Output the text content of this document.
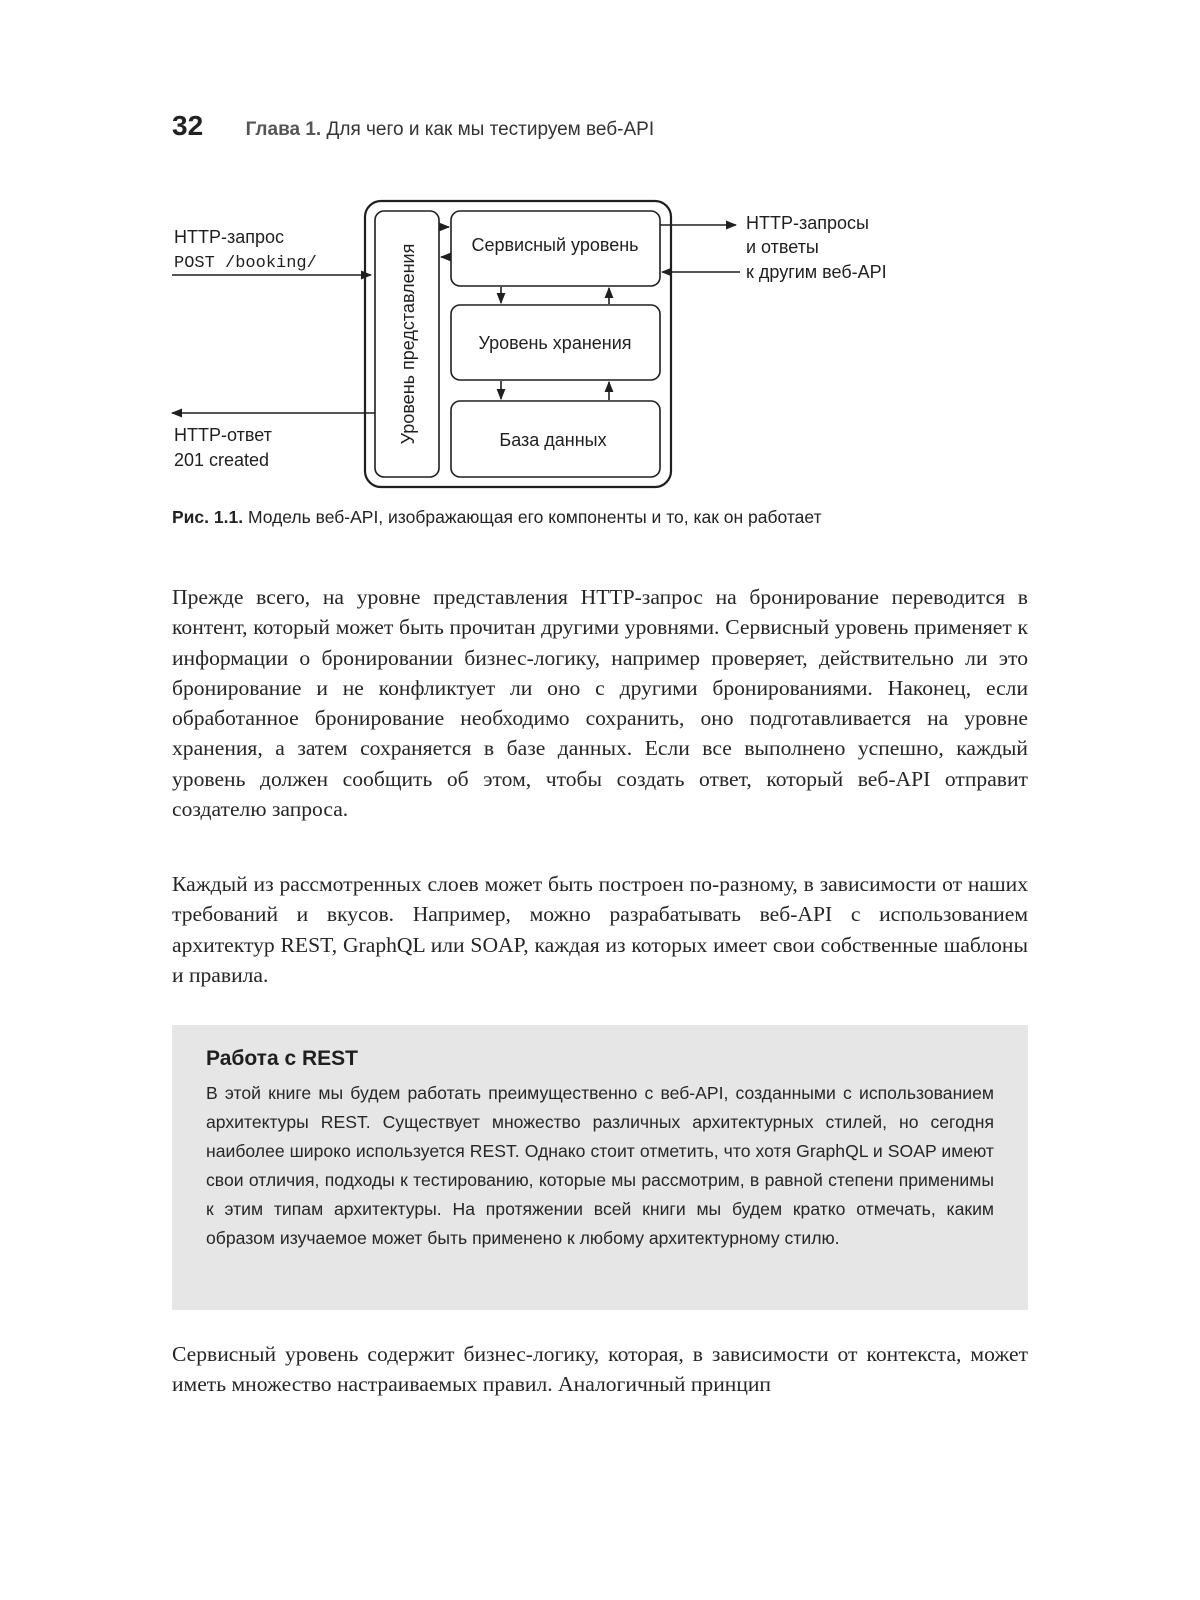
32 Глава 1. Для чего и как мы тестируем веб-API
Уровень представления	Сервисный уровень
Уровень хранения
База данных
HTTP-запрос
POST /booking/
HTTP-ответ
201 created
HTTP-запросы
и ответы
к другим веб-API
Рис. 1.1. Модель веб-API, изображающая его компоненты и то, как он работает

Прежде всего, на уровне представления HTTP-запрос на бронирование переводится в контент, который может быть прочитан другими уровнями. Сервисный уровень применяет к информации о бронировании бизнес-логику, например проверяет, действительно ли это бронирование и не конфликтует ли оно с другими бронированиями. Наконец, если обработанное бронирование необходимо сохранить, оно подготавливается на уровне хранения, а затем сохраняется в базе данных. Если все выполнено успешно, каждый уровень должен сообщить об этом, чтобы создать ответ, который веб-API отправит создателю запроса.

Каждый из рассмотренных слоев может быть построен по-разному, в зависимости от наших требований и вкусов. Например, можно разрабатывать веб-API с использованием архитектур REST, GraphQL или SOAP, каждая из которых имеет свои собственные шаблоны и правила.

Работа с REST

В этой книге мы будем работать преимущественно с веб-API, созданными с использованием архитектуры REST. Существует множество различных архитектурных стилей, но сегодня наиболее широко используется REST. Однако стоит отметить, что хотя GraphQL и SOAP имеют свои отличия, подходы к тестированию, которые мы рассмотрим, в равной степени применимы к этим типам архитектуры. На протяжении всей книги мы будем кратко отмечать, каким образом изучаемое может быть применено к любому архитектурному стилю.

Сервисный уровень содержит бизнес-логику, которая, в зависимости от контекста, может иметь множество настраиваемых правил. Аналогичный принцип
